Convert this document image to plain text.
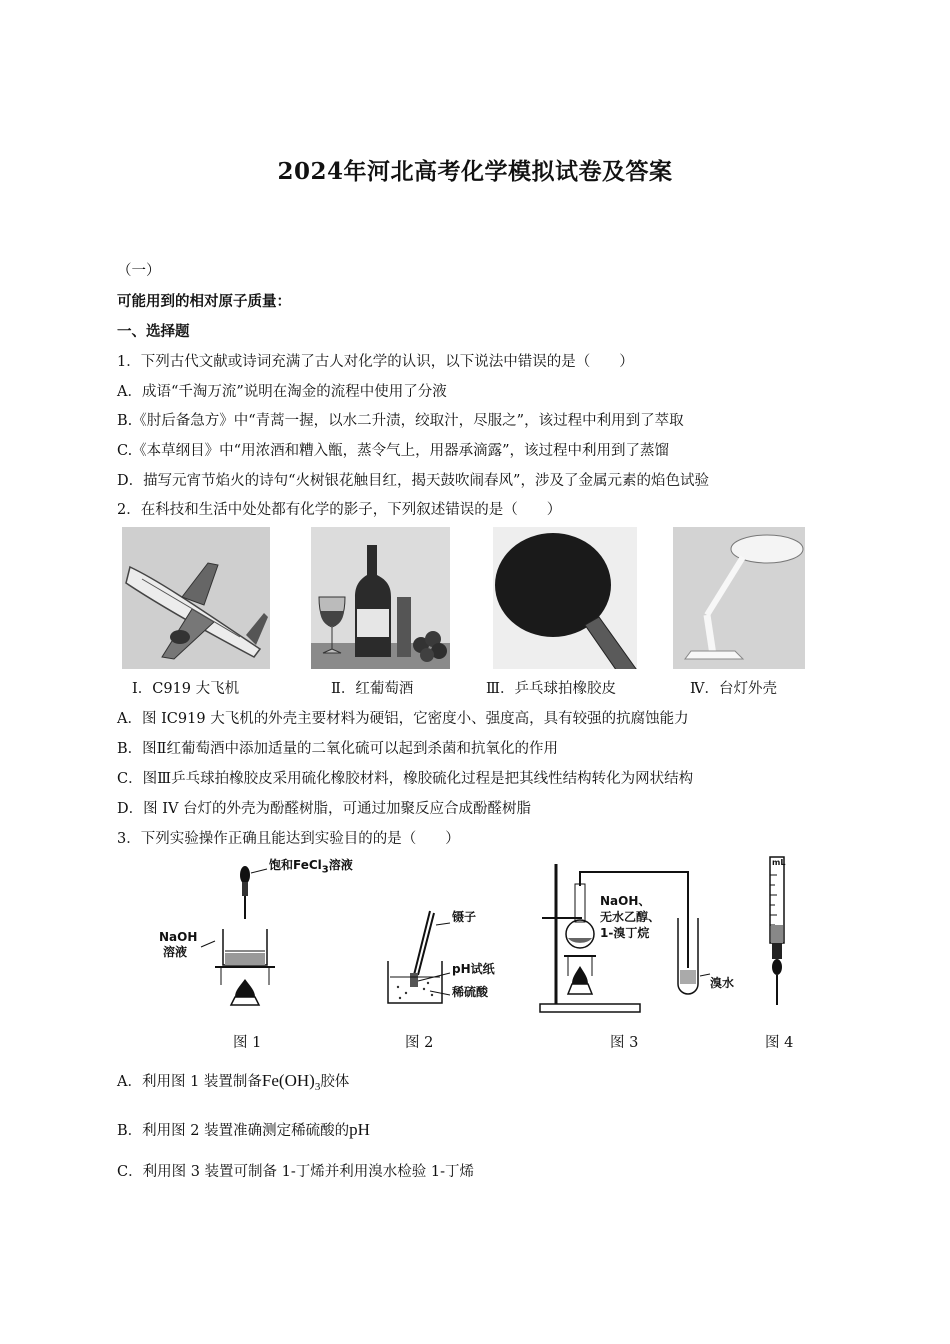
2024年河北高考化学模拟试卷及答案
（一）
可能用到的相对原子质量：
一、选择题
1．下列古代文献或诗词充满了古人对化学的认识，以下说法中错误的是（　　）
A．成语“千淘万流”说明在淘金的流程中使用了分液
B.《肘后备急方》中“青蒿一握，以水二升渍，绞取汁，尽服之”，该过程中利用到了萃取
C.《本草纲目》中“用浓酒和糟入甑，蒸令气上，用器承滴露”，该过程中利用到了蒸馏
D．描写元宵节焰火的诗句“火树银花触目红，揭天鼓吹闹春风”，涉及了金属元素的焰色试验
2．在科技和生活中处处都有化学的影子，下列叙述错误的是（　　）
Ⅰ．C919 大飞机	Ⅱ．红葡萄酒	Ⅲ．乒乓球拍橡胶皮	Ⅳ．台灯外壳
A．图 IC919 大飞机的外壳主要材料为硬铝，它密度小、强度高，具有较强的抗腐蚀能力
B．图Ⅱ红葡萄酒中添加适量的二氧化硫可以起到杀菌和抗氧化的作用
C．图Ⅲ乒乓球拍橡胶皮采用硫化橡胶材料，橡胶硫化过程是把其线性结构转化为网状结构
D．图 IV 台灯的外壳为酚醛树脂，可通过加聚反应合成酚醛树脂
3．下列实验操作正确且能达到实验目的的是（　　）
饱和FeCl$_3$溶液
NaOH
溶液
镊子
pH试纸
稀硫酸
NaOH、
无水乙醇、
1-溴丁烷
溴水
mL
图 1	图 2	图 3	图 4
A．利用图 1 装置制备$Fe(OH)_3$胶体
B．利用图 2 装置准确测定稀硫酸的pH
C．利用图 3 装置可制备 1-丁烯并利用溴水检验 1-丁烯
